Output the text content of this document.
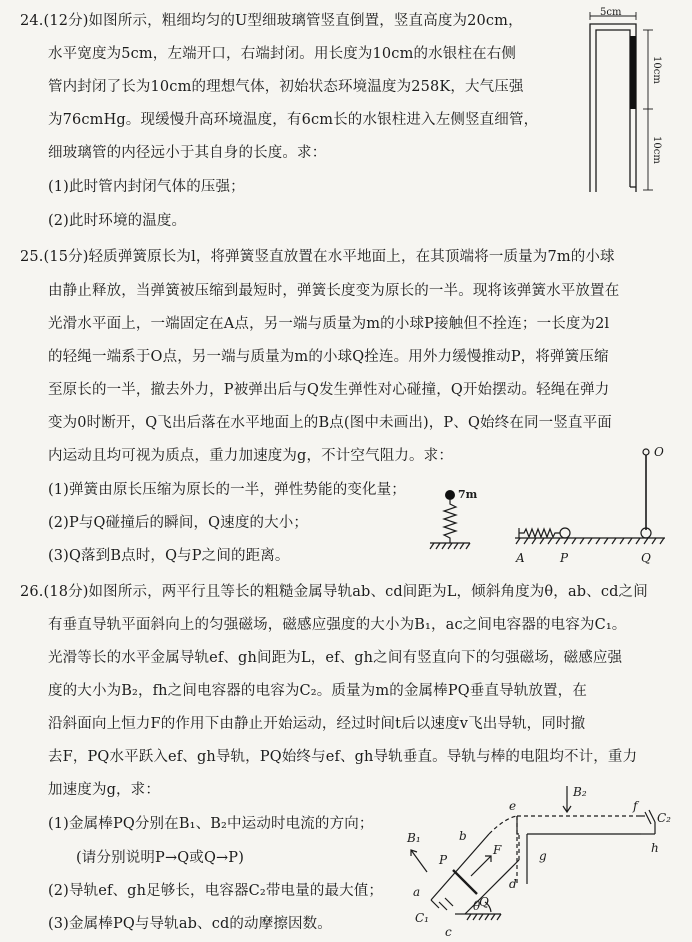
24.(12分)如图所示，粗细均匀的U型细玻璃管竖直倒置，竖直高度为20cm，
水平宽度为5cm，左端开口，右端封闭。用长度为10cm的水银柱在右侧
管内封闭了长为10cm的理想气体，初始状态环境温度为258K，大气压强
为76cmHg。现缓慢升高环境温度，有6cm长的水银柱进入左侧竖直细管，
细玻璃管的内径远小于其自身的长度。求：
(1)此时管内封闭气体的压强；
(2)此时环境的温度。
5cm
10cm
10cm
25.(15分)轻质弹簧原长为l，将弹簧竖直放置在水平地面上，在其顶端将一质量为7m的小球
由静止释放，当弹簧被压缩到最短时，弹簧长度变为原长的一半。现将该弹簧水平放置在
光滑水平面上，一端固定在A点，另一端与质量为m的小球P接触但不拴连；一长度为2l
的轻绳一端系于O点，另一端与质量为m的小球Q拴连。用外力缓慢推动P，将弹簧压缩
至原长的一半，撤去外力，P被弹出后与Q发生弹性对心碰撞，Q开始摆动。轻绳在弹力
变为0时断开，Q飞出后落在水平地面上的B点(图中未画出)，P、Q始终在同一竖直平面
内运动且均可视为质点，重力加速度为g，不计空气阻力。求：
(1)弹簧由原长压缩为原长的一半，弹性势能的变化量；
(2)P与Q碰撞后的瞬间，Q速度的大小；
(3)Q落到B点时，Q与P之间的距离。
7m
A	P	Q
O
26.(18分)如图所示，两平行且等长的粗糙金属导轨ab、cd间距为L，倾斜角度为θ，ab、cd之间
有垂直导轨平面斜向上的匀强磁场，磁感应强度的大小为B₁，ac之间电容器的电容为C₁。
光滑等长的水平金属导轨ef、gh间距为L，ef、gh之间有竖直向下的匀强磁场，磁感应强
度的大小为B₂，fh之间电容器的电容为C₂。质量为m的金属棒PQ垂直导轨放置，在
沿斜面向上恒力F的作用下由静止开始运动，经过时间t后以速度v飞出导轨，同时撤
去F，PQ水平跃入ef、gh导轨，PQ始终与ef、gh导轨垂直。导轨与棒的电阻均不计，重力
加速度为g，求：
(1)金属棒PQ分别在B₁、B₂中运动时电流的方向；
(请分别说明P→Q或Q→P)
(2)导轨ef、gh足够长，电容器C₂带电量的最大值；
(3)金属棒PQ与导轨ab、cd的动摩擦因数。
B₁
B₂
C₁
C₂
a
b
c
d
e	f
g
h
P
Q
F
θ
